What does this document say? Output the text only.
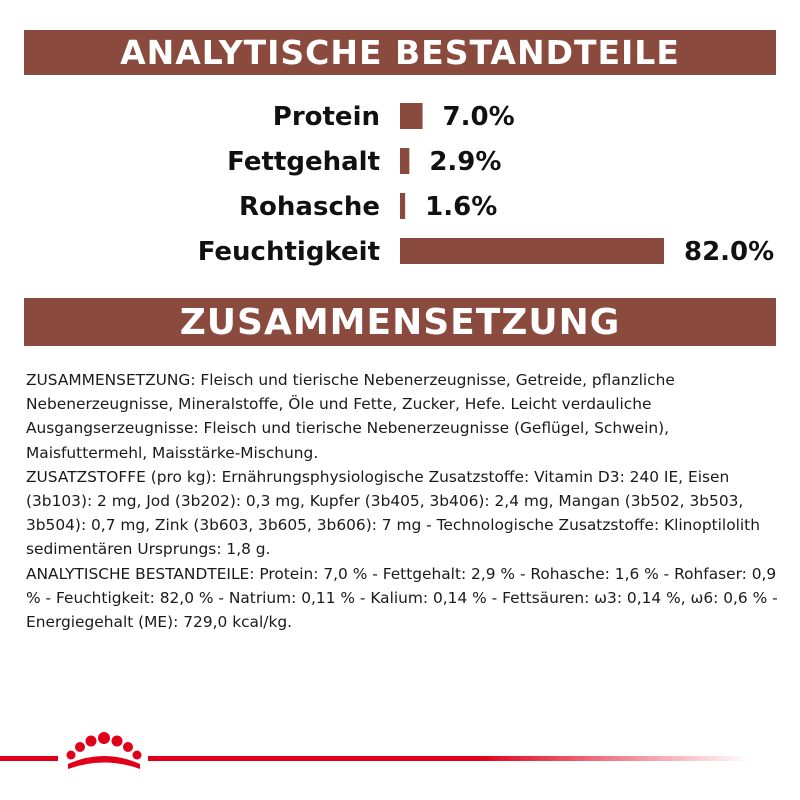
ANALYTISCHE BESTANDTEILE
Protein 7.0%
Fettgehalt 2.9%
Rohasche 1.6%
Feuchtigkeit	82.0%
ZUSAMMENSETZUNG

ZUSAMMENSETZUNG: Fleisch und tierische Nebenerzeugnisse, Getreide, pflanzliche Nebenerzeugnisse, Mineralstoffe, Öle und Fette, Zucker, Hefe. Leicht verdauliche Ausgangserzeugnisse: Fleisch und tierische Nebenerzeugnisse (Geflügel, Schwein), Maisfuttermehl, Maisstärke-Mischung.

ZUSATZSTOFFE (pro kg): Ernährungsphysiologische Zusatzstoffe: Vitamin D3: 240 IE, Eisen (3b103): 2 mg, Jod (3b202): 0,3 mg, Kupfer (3b405, 3b406): 2,4 mg, Mangan (3b502, 3b503, 3b504): 0,7 mg, Zink (3b603, 3b605, 3b606): 7 mg - Technologische Zusatzstoffe: Klinoptilolith sedimentären Ursprungs: 1,8 g.

ANALYTISCHE BESTANDTEILE: Protein: 7,0 % - Fettgehalt: 2,9 % - Rohasche: 1,6 % - Rohfaser: 0,9 % - Feuchtigkeit: 82,0 % - Natrium: 0,11 % - Kalium: 0,14 % - Fettsäuren: ω3: 0,14 %, ω6: 0,6 % - Energiegehalt (ME): 729,0 kcal/kg.
